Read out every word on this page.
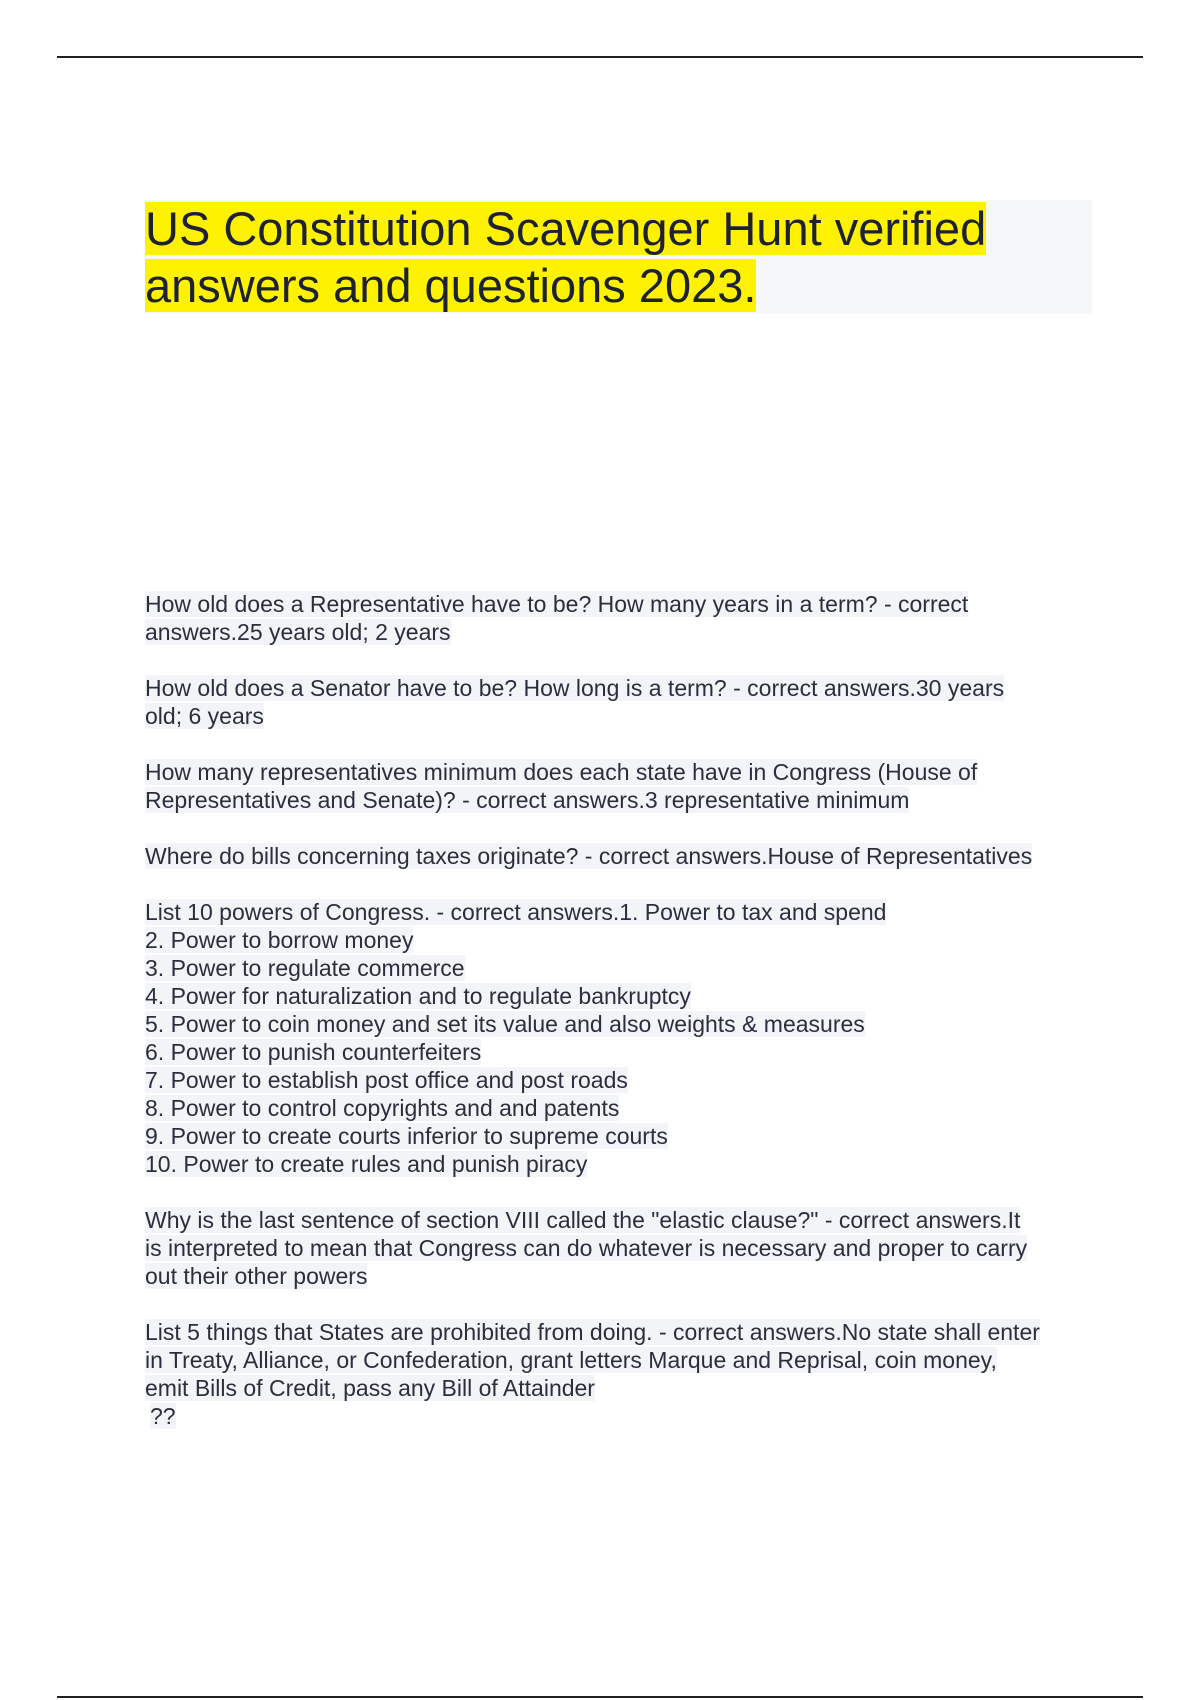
US Constitution Scavenger Hunt verified
answers and questions 2023.
How old does a Representative have to be? How many years in a term? - correct
answers.25 years old; 2 years
How old does a Senator have to be? How long is a term? - correct answers.30 years
old; 6 years
How many representatives minimum does each state have in Congress (House of
Representatives and Senate)? - correct answers.3 representative minimum
Where do bills concerning taxes originate? - correct answers.House of Representatives
List 10 powers of Congress. - correct answers.1. Power to tax and spend
2. Power to borrow money
3. Power to regulate commerce
4. Power for naturalization and to regulate bankruptcy
5. Power to coin money and set its value and also weights & measures
6. Power to punish counterfeiters
7. Power to establish post office and post roads
8. Power to control copyrights and and patents
9. Power to create courts inferior to supreme courts
10. Power to create rules and punish piracy
Why is the last sentence of section VIII called the "elastic clause?" - correct answers.It
is interpreted to mean that Congress can do whatever is necessary and proper to carry
out their other powers
List 5 things that States are prohibited from doing. - correct answers.No state shall enter
in Treaty, Alliance, or Confederation, grant letters Marque and Reprisal, coin money,
emit Bills of Credit, pass any Bill of Attainder
??
